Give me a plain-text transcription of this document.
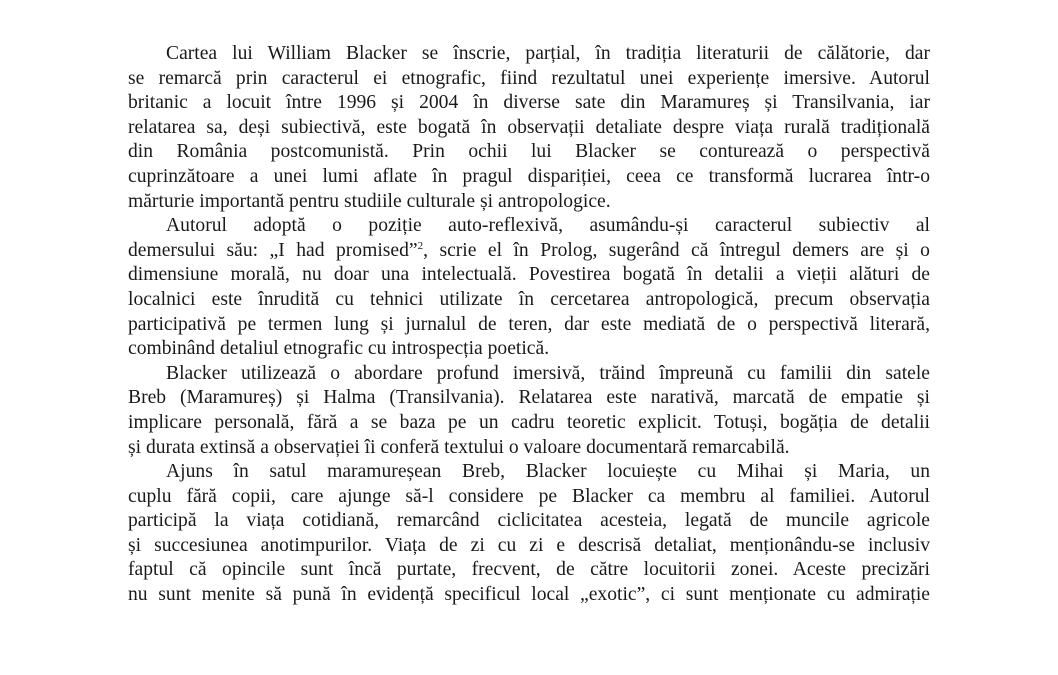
Cartea lui William Blacker se înscrie, parțial, în tradiția literaturii de călătorie, dar
se remarcă prin caracterul ei etnografic, fiind rezultatul unei experiențe imersive. Autorul
britanic a locuit între 1996 și 2004 în diverse sate din Maramureș și Transilvania, iar
relatarea sa, deși subiectivă, este bogată în observații detaliate despre viața rurală tradițională
din România postcomunistă. Prin ochii lui Blacker se conturează o perspectivă
cuprinzătoare a unei lumi aflate în pragul dispariției, ceea ce transformă lucrarea într-o
mărturie importantă pentru studiile culturale și antropologice.

Autorul adoptă o poziție auto-reflexivă, asumându-și caracterul subiectiv al
demersului său: „I had promised”$^2$, scrie el în Prolog, sugerând că întregul demers are și o
dimensiune morală, nu doar una intelectuală. Povestirea bogată în detalii a vieții alături de
localnici este înrudită cu tehnici utilizate în cercetarea antropologică, precum observația
participativă pe termen lung și jurnalul de teren, dar este mediată de o perspectivă literară,
combinând detaliul etnografic cu introspecția poetică.

Blacker utilizează o abordare profund imersivă, trăind împreună cu familii din satele
Breb (Maramureș) și Halma (Transilvania). Relatarea este narativă, marcată de empatie și
implicare personală, fără a se baza pe un cadru teoretic explicit. Totuși, bogăția de detalii
și durata extinsă a observației îi conferă textului o valoare documentară remarcabilă.

Ajuns în satul maramureșean Breb, Blacker locuiește cu Mihai și Maria, un
cuplu fără copii, care ajunge să-l considere pe Blacker ca membru al familiei. Autorul
participă la viața cotidiană, remarcând ciclicitatea acesteia, legată de muncile agricole
și succesiunea anotimpurilor. Viața de zi cu zi e descrisă detaliat, menționându-se inclusiv
faptul că opincile sunt încă purtate, frecvent, de către locuitorii zonei. Aceste precizări
nu sunt menite să pună în evidență specificul local „exotic”, ci sunt menționate cu admirație
